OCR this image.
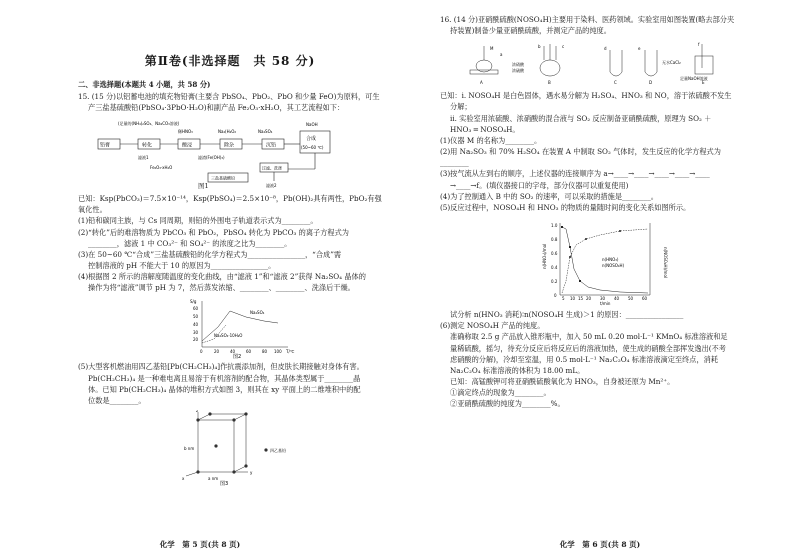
第Ⅱ卷(非选择题　共 58 分)

二、非选择题(本题共 4 小题，共 58 分)

15. (15 分)以铝蓄电池的填充物铅膏(主要含 PbSO₄、PbO₂、PbO 和少量 FeO)为原料，可生

产三盐基硫酸铅(PbSO₄·3PbO·H₂O)和副产品 Fe₂O₃·xH₂O，其工艺流程如下：

铅膏	转化	酸浸	除杂	沉铅
合成
(50~60 ℃)
(足量的(NH₄)₂SO₄、Na₂CO₃溶液)
滤液1
稀HNO₃	Na₂(H₂O₂	Na₂SO₄
NaOH
滤渣(Fe(OH)₃)
Fe₂O₃·xH₂O
三盐基硫酸铅
过滤、洗涤
滤液2
图1

已知：Ksp(PbCO₃)＝7.5×10⁻¹⁴，Ksp(PbSO₄)＝2.5×10⁻⁸，Pb(OH)₂具有两性，PbO₂有强氧化性。

(1)铅和碳同主族，与 Cs 同周期，则铅的外围电子轨道表示式为________。

(2)“转化”后的难溶物质为 PbCO₃ 和 PbO₂，PbSO₄ 转化为 PbCO₃ 的离子方程式为

________，滤液 1 中 CO₃²⁻ 和 SO₄²⁻ 的浓度之比为________。

(3)在 50~60 ℃“合成”三盐基硫酸铅的化学方程式为________________，“合成”需

控制溶液的 pH 不能大于 10 的原因为________________。

(4)根据图 2 所示的溶解度随温度的变化曲线，由“滤液 1”和“滤液 2”获得 Na₂SO₄ 晶体的

操作为将“滤液”调节 pH 为 7，然后蒸发浓缩、________、________、洗涤后干燥。

S/g
T/℃
Na₂SO₄
Na₂SO₄·10H₂O
60
50
40
30
20
0	20	40	60	80 100
图2

(5)大型客机燃油用四乙基铅[Pb(CH₂CH₃)₄]作抗震添加剂，但皮肤长期接触对身体有害。

Pb(CH₂CH₃)₄ 是一种难电离且易溶于有机溶剂的配合物，其晶体类型属于________晶

体。已知 Pb(CH₂CH₃)₄ 晶体的堆积方式如图 3，则其在 xy 平面上的二维堆积中的配

位数是________。

b nm
a nm
四乙基铅
z
y
x
图3
化学　第 5 页(共 8 页)

16. (14 分)亚硝酰硫酸(NOSO₄H)主要用于染料、医药领域。实验室用如图装置(略去部分夹

持装置)制备少量亚硝酰硫酸，并测定产品的纯度。

A	B	C	D	E
M
浓硝酸
浓硫酸
无水CaCl₂
足量NaOH溶液
a
b	c	d	e
f

已知：ⅰ. NOSO₄H 是白色固体，遇水易分解为 H₂SO₄、HNO₃ 和 NO，溶于浓硫酸不发生

分解；

ⅱ. 实验室用浓硫酸、浓硝酸的混合液与 SO₂ 反应制备亚硝酰硫酸，原理为 SO₂ ＋

HNO₃ ═ NOSO₄H。

(1)仪器 M 的名称为________。

(2)用 Na₂SO₃ 和 70% H₂SO₄ 在装置 A 中制取 SO₂ 气体时，发生反应的化学方程式为________

(3)按气流从左到右的顺序，上述仪器的连接顺序为 a→____→____→____→____→____

→____→f。(填仪器接口的字母，部分仪器可以重复使用)

(4)为了控制通入 B 中的 SO₂ 的速率，可以采取的措施是________。

(5)反应过程中，NOSO₄H 和 HNO₃ 的物质的量随时间的变化关系如图所示。

n(HNO₃)/mol	n(NOSO₄H)/mol
t/min
n(HNO₃)
n(NOSO₄H)
1.0
0.8
0.6
0.4
0.2
0
5 10 15 20 30 40 50 60

试分析 n(HNO₃ 消耗)∶n(NOSO₄H 生成)＞1 的原因：________________

(6)测定 NOSO₄H 产品的纯度。

准确称取 2.5 g 产品放入锥形瓶中，加入 50 mL 0.20 mol·L⁻¹ KMnO₄ 标准溶液和足

量稀硫酸，摇匀，待充分反应后将反应后的溶液加热，使生成的硝酸全部挥发逸出(不考

虑硝酸的分解)，冷却至室温，用 0.5 mol·L⁻¹ Na₂C₂O₄ 标准溶液滴定至终点，消耗

Na₂C₂O₄ 标准溶液的体积为 18.00 mL。

已知：高锰酸钾可将亚硝酰硫酸氧化为 HNO₃，自身被还原为 Mn²⁺。

①滴定终点的现象为________。

②亚硝酰硫酸的纯度为________%。

化学　第 6 页(共 8 页)
